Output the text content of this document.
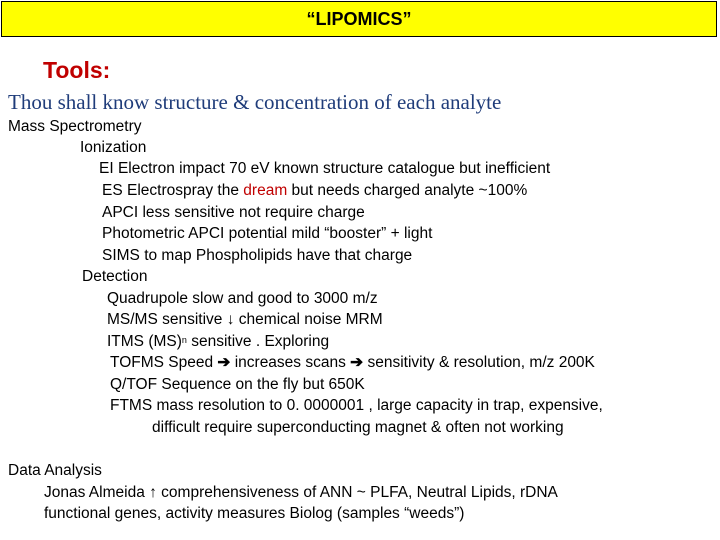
“LIPOMICS”
Tools:
Thou shall know structure & concentration of each analyte
Mass Spectrometry
Ionization
EI Electron impact 70 eV known structure catalogue but inefficient
ES Electrospray the dream but needs charged analyte ~100%
APCI less sensitive not require charge
Photometric APCI potential mild “booster” + light
SIMS to map Phospholipids have that charge
Detection
Quadrupole slow and good to 3000 m/z
MS/MS sensitive ↓ chemical noise MRM
ITMS (MS)$^n$ sensitive . Exploring
TOFMS Speed ➔ increases scans ➔ sensitivity & resolution, m/z 200K
Q/TOF Sequence on the fly but 650K
FTMS mass resolution to 0. 0000001 , large capacity in trap, expensive,
difficult require superconducting magnet & often not working
Data Analysis
Jonas Almeida ↑ comprehensiveness of ANN ~ PLFA, Neutral Lipids, rDNA
functional genes, activity measures Biolog (samples “weeds”)
